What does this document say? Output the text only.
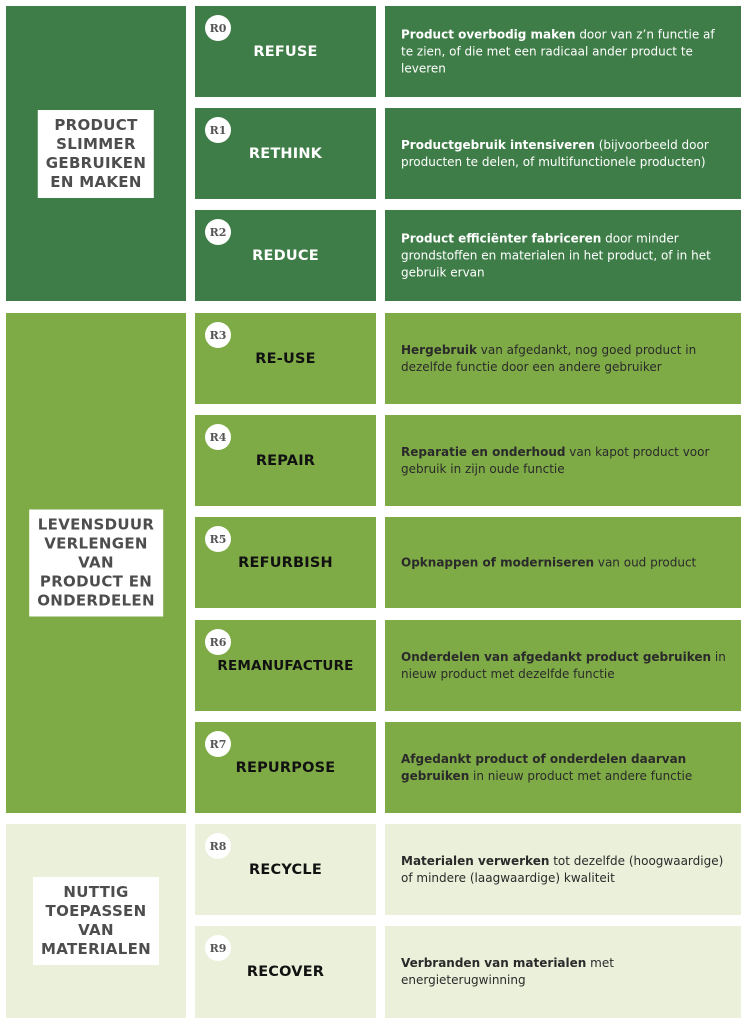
PRODUCT
SLIMMER
GEBRUIKEN
EN MAKEN
LEVENSDUUR
VERLENGEN
VAN
PRODUCT EN
ONDERDELEN
NUTTIG
TOEPASSEN
VAN
MATERIALEN
R0
REFUSE
Product overbodig maken door van z’n functie af te zien, of die met een radicaal ander product te leveren
R1
RETHINK
Productgebruik intensiveren (bijvoorbeeld door producten te delen, of multifunctionele producten)
R2
REDUCE
Product efficiënter fabriceren door minder grondstoffen en materialen in het product, of in het gebruik ervan
R3
RE-USE
Hergebruik van afgedankt, nog goed product in dezelfde functie door een andere gebruiker
R4
REPAIR
Reparatie en onderhoud van kapot product voor gebruik in zijn oude functie
R5
REFURBISH	Opknappen of moderniseren van oud product
R6
REMANUFACTURE
Onderdelen van afgedankt product gebruiken in nieuw product met dezelfde functie
R7
REPURPOSE
Afgedankt product of onderdelen daarvan gebruiken in nieuw product met andere functie
R8
RECYCLE
Materialen verwerken tot dezelfde (hoogwaardige) of mindere (laagwaardige) kwaliteit
R9
RECOVER
Verbranden van materialen met energieterugwinning
